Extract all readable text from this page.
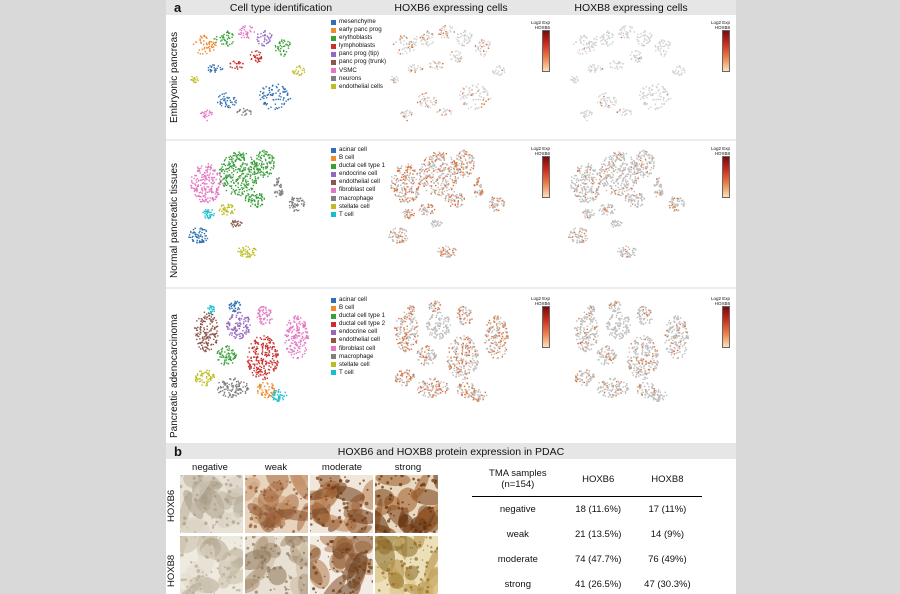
a	Cell type identification	HOXB6 expressing cells	HOXB8 expressing cells
Embryonic pancreas
Normal pancreatic tissues
Pancreatic adenocarcinoma
mesenchyme
early panc prog
erythoblasts
lymphoblasts
panc prog (tip)
panc prog (trunk)
VSMC
neurons
endothelial cells
acinar cell
B cell
ductal cell type 1
endocrine cell
endothelial cell
fibroblast cell
macrophage
stellate cell
T cell
acinar cell
B cell
ductal cell type 1
ductal cell type 2
endocrine cell
endothelial cell
fibroblast cell
macrophage
stellate cell
T cell
Log2 Exp
HOXB6
Log2 Exp
HOXB8
Log2 Exp
HOXB6
Log2 Exp
HOXB8
Log2 Exp
HOXB6
Log2 Exp
HOXB8
b	HOXB6 and HOXB8 protein expression in PDAC
negative	weak	moderate	strong
HOXB6
HOXB8
TMA samples
(n=154)	HOXB6	HOXB8
negative	18 (11.6%)	17 (11%)
weak	21 (13.5%)	14 (9%)
moderate	74 (47.7%)	76 (49%)
strong	41 (26.5%)	47 (30.3%)
